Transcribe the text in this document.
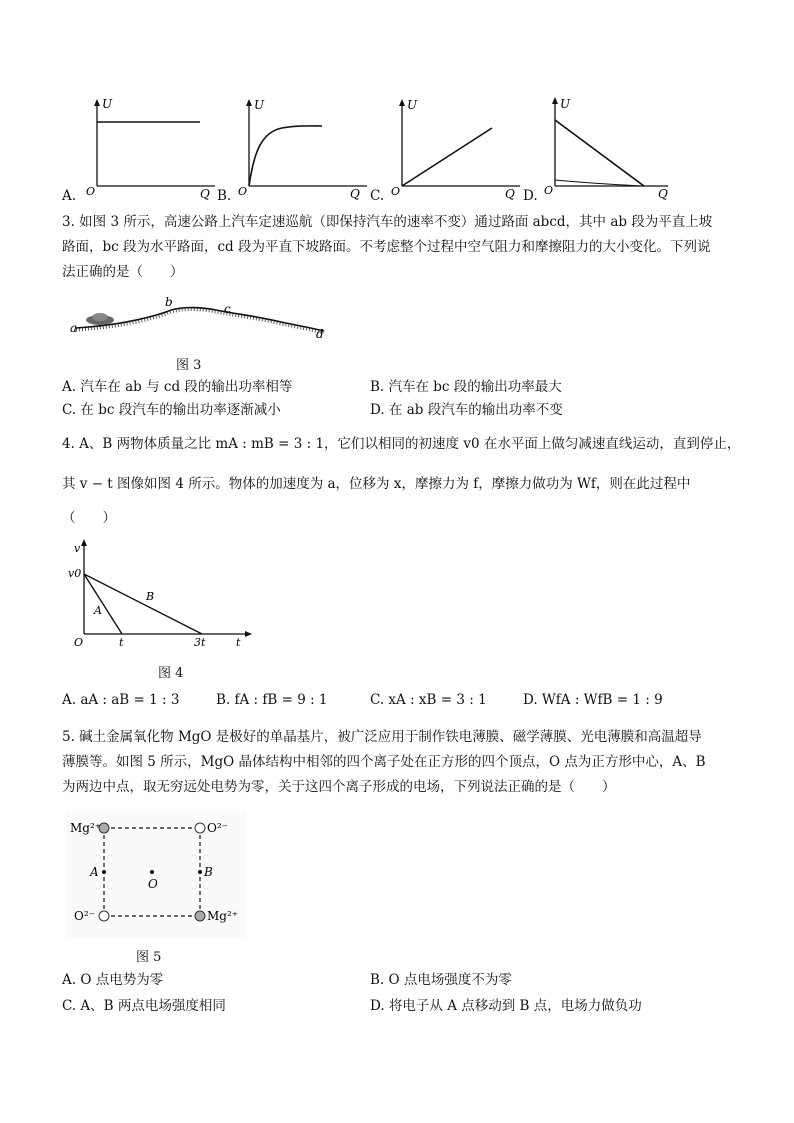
A.
U
O	Q B.
U
O	Q C.
U
O	Q D.
U
O	Q
3. 如图 3 所示，高速公路上汽车定速巡航（即保持汽车的速率不变）通过路面 abcd，其中 ab 段为平直上坡
路面，bc 段为水平路面，cd 段为平直下坡路面。不考虑整个过程中空气阻力和摩擦阻力的大小变化。下列说
法正确的是（　　）
a
b	c
d
图 3
A. 汽车在 ab 与 cd 段的输出功率相等	B. 汽车在 bc 段的输出功率最大
C. 在 bc 段汽车的输出功率逐渐减小	D. 在 ab 段汽车的输出功率不变
4. A、B 两物体质量之比 mA : mB = 3 : 1，它们以相同的初速度 v0 在水平面上做匀减速直线运动，直到停止，
其 v − t 图像如图 4 所示。物体的加速度为 a，位移为 x，摩擦力为 f，摩擦力做功为 Wf，则在此过程中
（　　）
v
v0
O	t	3t	t
A
B
图 4
A. aA : aB = 1 : 3	B. fA : fB = 9 : 1	C. xA : xB = 3 : 1	D. WfA : WfB = 1 : 9
5. 碱土金属氧化物 MgO 是极好的单晶基片，被广泛应用于制作铁电薄膜、磁学薄膜、光电薄膜和高温超导
薄膜等。如图 5 所示，MgO 晶体结构中相邻的四个离子处在正方形的四个顶点，O 点为正方形中心，A、B
为两边中点，取无穷远处电势为零，关于这四个离子形成的电场，下列说法正确的是（　　）
Mg²⁺	O²⁻
O²⁻	Mg²⁺
A
O
B
图 5
A. O 点电势为零	B. O 点电场强度不为零
C. A、B 两点电场强度相同	D. 将电子从 A 点移动到 B 点，电场力做负功
